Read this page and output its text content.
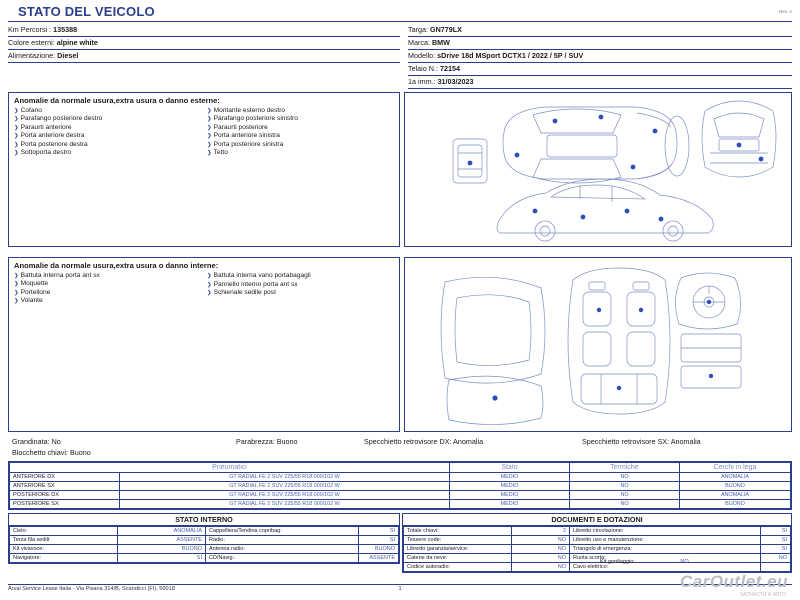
STATO DEL VEICOLO	Rev. A
Km Percorsi : 135388
Colore esterni: alpine white
Alimentazione: Diesel
Targa: GN779LX
Marca: BMW
Modello: sDrive 18d MSport DCTX1 / 2022 / 5P / SUV
Telaio N.: 72154
1a imm.: 31/03/2023
Anomalie da normale usura,extra usura o danno esterne:
❯ Cofano
❯ Parafango posteriore destro
❯ Paraurti anteriore
❯ Porta anteriore destra
❯ Porta posteriore destra
❯ Sottoporta destro
❯ Montante esterno destro
❯ Parafango posteriore sinistro
❯ Paraurti posteriore
❯ Porta anteriore sinistra
❯ Porta posteriore sinistra
❯ Tetto
Anomalie da normale usura,extra usura o danno interne:
❯ Battuta interna porta ant sx
❯ Moquette
❯ Portellone
❯ Volante
❯ Battuta interna vano portabagagli
❯ Pannello interno porta ant sx
❯ Schienale sedile post
Grandinata: No	Parabrezza: Buono	Specchietto retrovisore DX: Anomalia	Specchietto retrovisore SX: Anomalia
Blocchetto chiavi: Buono
Pneumatici		Stato	Termiche	Cerchi in lega
ANTERIORE DX	GT RADIAL FE 2 SUV 225/55 R18 000/102 W	MEDIO	NO	ANOMALIA
ANTERIORE SX	GT RADIAL FE 2 SUV 225/55 R18 000/102 W	MEDIO	NO	BUONO
POSTERIORE DX	GT RADIAL FE 2 SUV 225/55 R18 000/102 W	MEDIO	NO	ANOMALIA
POSTERIORE SX	GT RADIAL FE 2 SUV 225/55 R18 000/102 W	MEDIO	NO	BUONO
STATO INTERNO
Cielo:	ANOMALIA	Cappelliera/Tendina copribag:	SI
Terza fila sedili:	ASSENTE	Radio:	SI
Kit vivavoce:	BUONO	Antenna radio:	BUONO
Navigatore:	SI	CD/Navig.:	ASSENTE
DOCUMENTI E DOTAZIONI
Totale chiavi:	2	Libretto circolazione:	SI
Tessere code:	NO	Libretto uso e manutenzione:	SI
Libretto garanzia/service:	NO	Triangolo di emergenza:	SI
Catene da neve:	NO	Ruota scorta:	NO
Codice autoradio:	NO	Cavo elettrico:	
Kit gonfiaggio:	NO
Arval Service Lease Italia - Via Pisana 314/B, Scandicci (FI), 50018	1	CarOutlet.eu
ЗАПЧАСТИ И АВТО
